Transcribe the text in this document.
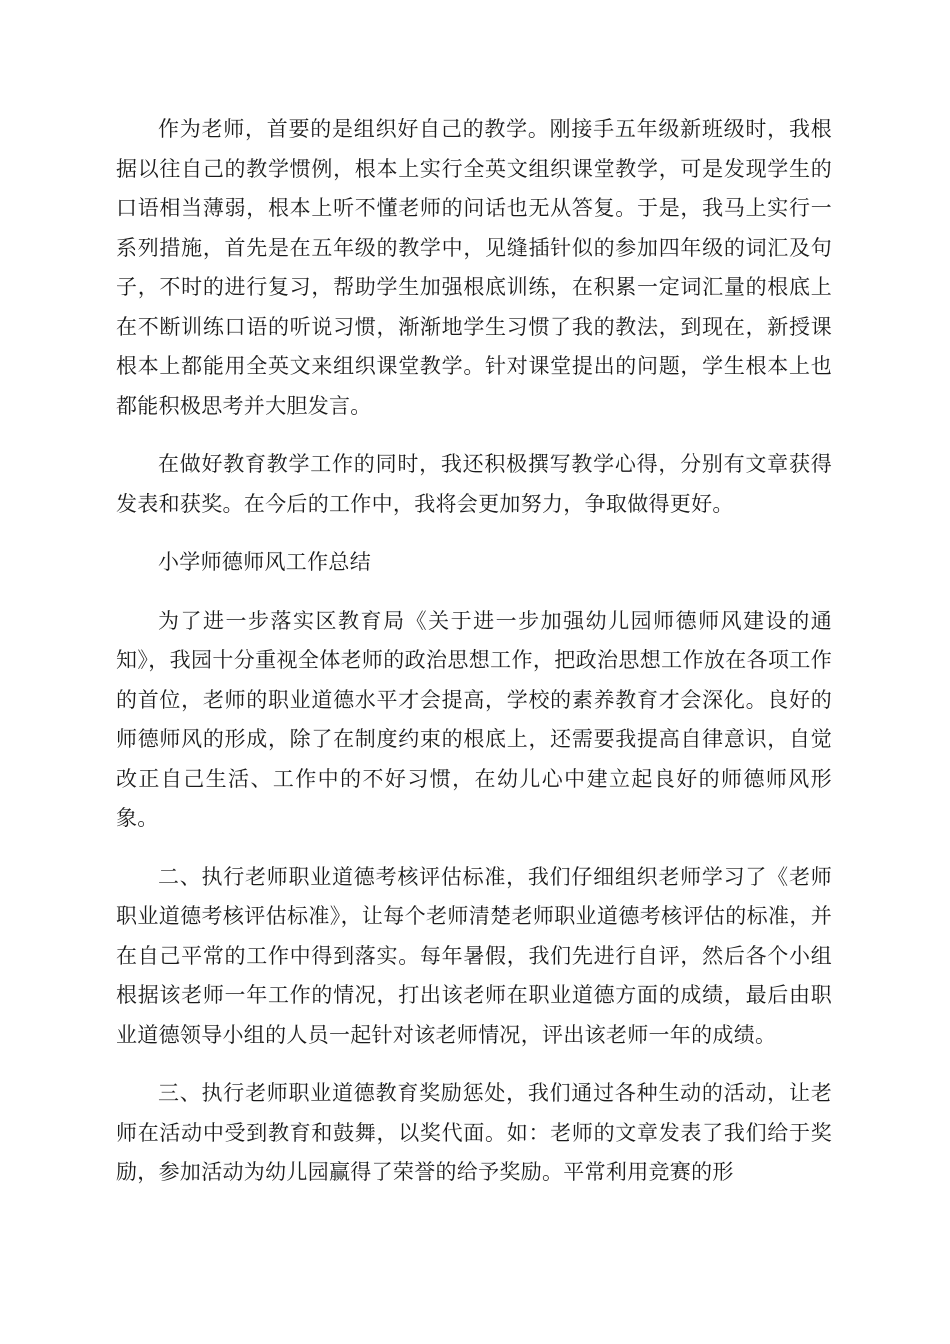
作为老师，首要的是组织好自己的教学。刚接手五年级新班级时，我根据以往自己的教学惯例，根本上实行全英文组织课堂教学，可是发现学生的口语相当薄弱，根本上听不懂老师的问话也无从答复。于是，我马上实行一系列措施，首先是在五年级的教学中，见缝插针似的参加四年级的词汇及句子，不时的进行复习，帮助学生加强根底训练，在积累一定词汇量的根底上在不断训练口语的听说习惯，渐渐地学生习惯了我的教法，到现在，新授课根本上都能用全英文来组织课堂教学。针对课堂提出的问题，学生根本上也都能积极思考并大胆发言。

在做好教育教学工作的同时，我还积极撰写教学心得，分别有文章获得发表和获奖。在今后的工作中，我将会更加努力，争取做得更好。

小学师德师风工作总结

为了进一步落实区教育局《关于进一步加强幼儿园师德师风建设的通知》，我园十分重视全体老师的政治思想工作，把政治思想工作放在各项工作的首位，老师的职业道德水平才会提高，学校的素养教育才会深化。良好的师德师风的形成，除了在制度约束的根底上，还需要我提高自律意识，自觉改正自己生活、工作中的不好习惯，在幼儿心中建立起良好的师德师风形象。

二、执行老师职业道德考核评估标准，我们仔细组织老师学习了《老师职业道德考核评估标准》，让每个老师清楚老师职业道德考核评估的标准，并在自己平常的工作中得到落实。每年暑假，我们先进行自评，然后各个小组根据该老师一年工作的情况，打出该老师在职业道德方面的成绩，最后由职业道德领导小组的人员一起针对该老师情况，评出该老师一年的成绩。

三、执行老师职业道德教育奖励惩处，我们通过各种生动的活动，让老师在活动中受到教育和鼓舞，以奖代面。如：老师的文章发表了我们给于奖励，参加活动为幼儿园赢得了荣誉的给予奖励。平常利用竞赛的形
